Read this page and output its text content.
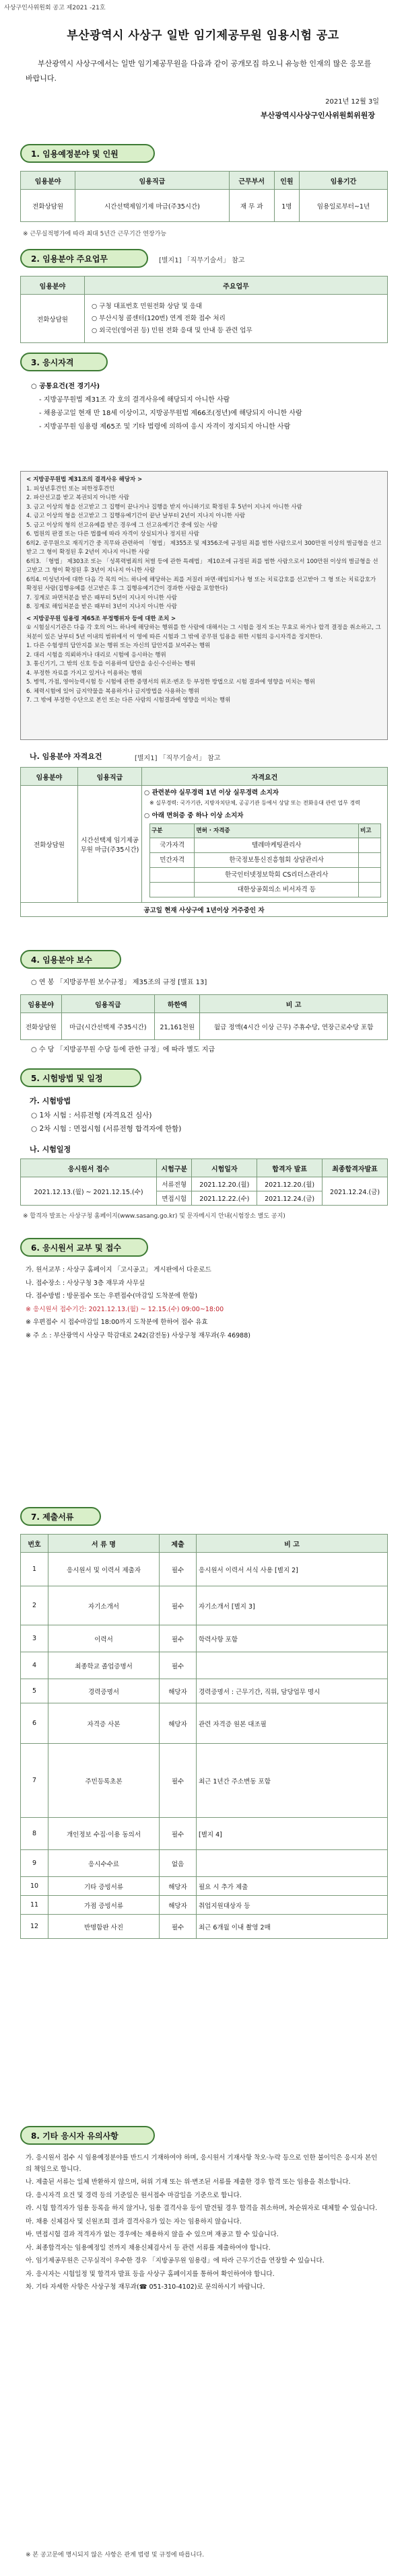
사상구인사위원회 공고 제2021 -21호
부산광역시 사상구 일반 임기제공무원 임용시험 공고
부산광역시 사상구에서는 일반 임기제공무원을 다음과 같이 공개모집 하오니 유능한 인재의 많은 응모를 바랍니다.
2021년 12월 3일
부산광역시사상구인사위원회위원장
1. 임용예정분야 및 인원
임용분야	임용직급	근무부서	인원	임용기간
전화상담원	시간선택제임기제 마급(주35시간)	재 무 과	1명	임용일로부터~1년
※ 근무실적평가에 따라 최대 5년간 근무기간 연장가능
2. 임용분야 주요업무	[별지1] 「직무기술서」 참고
임용분야	주요업무
전화상담원	○ 구청 대표번호 민원전화 상담 및 응대
○ 부산시청 콜센터(120번) 연계 전화 접수 처리
○ 외국인(영어권 등) 민원 전화 응대 및 안내 등 관련 업무
3. 응시자격
○ 공통요건(전 경기사)
- 지방공무원법 제31조 각 호의 결격사유에 해당되지 아니한 사람
- 채용공고일 현재 만 18세 이상이고, 지방공무원법 제66조(정년)에 해당되지 아니한 사람
- 지방공무원 임용령 제65조 및 기타 법령에 의하여 응시 자격이 정지되지 아니한 사람
< 지방공무원법 제31조의 결격사유 해당자 >
1. 피성년후견인 또는 피한정후견인
2. 파산선고를 받고 복권되지 아니한 사람
3. 금고 이상의 형을 선고받고 그 집행이 끝나거나 집행을 받지 아니하기로 확정된 후 5년이 지나지 아니한 사람
4. 금고 이상의 형을 선고받고 그 집행유예기간이 끝난 날부터 2년이 지나지 아니한 사람
5. 금고 이상의 형의 선고유예를 받은 경우에 그 선고유예기간 중에 있는 사람
6. 법원의 판결 또는 다른 법률에 따라 자격이 상실되거나 정지된 사람
6의2. 공무원으로 재직기간 중 직무와 관련하여 「형법」 제355조 및 제356조에 규정된 죄를 범한 사람으로서 300만원 이상의 벌금형을 선고받고 그 형이 확정된 후 2년이 지나지 아니한 사람
6의3. 「형법」 제303조 또는 「성폭력범죄의 처벌 등에 관한 특례법」 제10조에 규정된 죄를 범한 사람으로서 100만원 이상의 벌금형을 선고받고 그 형이 확정된 후 3년이 지나지 아니한 사람
6의4. 미성년자에 대한 다음 각 목의 어느 하나에 해당하는 죄를 저질러 파면·해임되거나 형 또는 치료감호를 선고받아 그 형 또는 치료감호가 확정된 사람(집행유예를 선고받은 후 그 집행유예기간이 경과한 사람을 포함한다)
7. 징계로 파면처분을 받은 때부터 5년이 지나지 아니한 사람
8. 징계로 해임처분을 받은 때부터 3년이 지나지 아니한 사람
< 지방공무원 임용령 제65조 부정행위자 등에 대한 조치 >
① 시험실시기관은 다음 각 호의 어느 하나에 해당하는 행위를 한 사람에 대해서는 그 시험을 정지 또는 무효로 하거나 합격 결정을 취소하고, 그 처분이 있은 날부터 5년 이내의 범위에서 이 영에 따른 시험과 그 밖에 공무원 임용을 위한 시험의 응시자격을 정지한다.
1. 다른 수험생의 답안지를 보는 행위 또는 자신의 답안지를 보여주는 행위
2. 대리 시험을 의뢰하거나 대리로 시험에 응시하는 행위
3. 통신기기, 그 밖의 신호 등을 이용하여 답안을 송신·수신하는 행위
4. 부정한 자료를 가지고 있거나 이용하는 행위
5. 병역, 가점, 영어능력시험 등 시험에 관한 증명서의 위조·변조 등 부정한 방법으로 시험 결과에 영향을 미치는 행위
6. 체력시험에 있어 금지약물을 복용하거나 금지방법을 사용하는 행위
7. 그 밖에 부정한 수단으로 본인 또는 다른 사람의 시험결과에 영향을 미치는 행위
나. 임용분야 자격요건	[별지1] 「직무기술서」 참고
임용분야	임용직급	자격요건
전화상담원	시간선택제 임기제공무원 마급(주35시간)	
○ 관련분야 실무경력 1년 이상 실무경력 소지자
※ 실무경력: 국가기관, 지방자치단체, 공공기관 등에서 상담 또는 전화응대 관련 업무 경력
○ 아래 면허증 중 하나 이상 소지자
구분	면허 · 자격증	비고
국가자격	텔레마케팅관리사	
민간자격	한국정보통신진흥협회 상담관리사	
	한국인터넷정보학회 CS리더스관리사	
	대한상공회의소 비서자격 등	

공고일 현재 사상구에 1년이상 거주중인 자
4. 임용분야 보수
○ 연 봉 「지방공무원 보수규정」 제35조의 규정 [별표 13]
임용분야	임용직급	하한액	비 고
전화상담원	마급(시간선택제 주35시간)	21,161천원	월급 정액(4시간 이상 근무) 주휴수당, 연장근로수당 포함
○ 수 당 「지방공무원 수당 등에 관한 규정」에 따라 별도 지급
5. 시험방법 및 일정
가. 시험방법
○ 1차 시험 : 서류전형 (자격요건 심사)
○ 2차 시험 : 면접시험 (서류전형 합격자에 한함)
나. 시험일정
응시원서 접수	시험구분	시험일자	합격자 발표	최종합격자발표
2021.12.13.(월) ~ 2021.12.15.(수)	서류전형	2021.12.20.(월)	2021.12.20.(월)	2021.12.24.(금)
	면접시험	2021.12.22.(수)	2021.12.24.(금)	
※ 합격자 발표는 사상구청 홈페이지(www.sasang.go.kr) 및 문자메시지 안내(시험장소 별도 공지)
6. 응시원서 교부 및 접수
가. 원서교부 : 사상구 홈페이지 「고시공고」 게시판에서 다운로드
나. 접수장소 : 사상구청 3층 재무과 사무실
다. 접수방법 : 방문접수 또는 우편접수(마감일 도착분에 한함)
※ 응시원서 접수기간: 2021.12.13.(월) ~ 12.15.(수) 09:00~18:00
※ 우편접수 시 접수마감일 18:00까지 도착분에 한하여 접수 유효
※ 주 소 : 부산광역시 사상구 학감대로 242(감전동) 사상구청 재무과(우 46988)
7. 제출서류
번호	서 류 명	제출	비 고
1	응시원서 및 이력서 제출자	필수	응시원서 이력서 서식 사용 [별지 2]
2	자기소개서	필수	자기소개서 [별지 3]
3	이력서	필수	학력사항 포함
4	최종학교 졸업증명서	필수	
5	경력증명서	해당자	경력증명서 : 근무기간, 직위, 담당업무 명시
6	자격증 사본	해당자	관련 자격증 원본 대조필
7	주민등록초본	필수	최근 1년간 주소변동 포함
8	개인정보 수집·이용 동의서	필수	[별지 4]
9	응시수수료	없음	
10	기타 증빙서류	해당자	필요 시 추가 제출
11	가점 증빙서류	해당자	취업지원대상자 등
12	반명함판 사진	필수	최근 6개월 이내 촬영 2매
8. 기타 응시자 유의사항
가. 응시원서 접수 시 임용예정분야를 반드시 기재하여야 하며, 응시원서 기재사항 착오·누락 등으로 인한 불이익은 응시자 본인의 책임으로 합니다.
나. 제출된 서류는 일체 반환하지 않으며, 허위 기재 또는 위·변조된 서류를 제출한 경우 합격 또는 임용을 취소합니다.
다. 응시자격 요건 및 경력 등의 기준일은 원서접수 마감일을 기준으로 합니다.
라. 시험 합격자가 임용 등록을 하지 않거나, 임용 결격사유 등이 발견될 경우 합격을 취소하며, 차순위자로 대체할 수 있습니다.
마. 채용 신체검사 및 신원조회 결과 결격사유가 있는 자는 임용하지 않습니다.
바. 면접시험 결과 적격자가 없는 경우에는 채용하지 않을 수 있으며 재공고 할 수 있습니다.
사. 최종합격자는 임용예정일 전까지 채용신체검사서 등 관련 서류를 제출하여야 합니다.
아. 임기제공무원은 근무실적이 우수한 경우 「지방공무원 임용령」에 따라 근무기간을 연장할 수 있습니다.
자. 응시자는 시험일정 및 합격자 발표 등을 사상구 홈페이지를 통하여 확인하여야 합니다.
차. 기타 자세한 사항은 사상구청 재무과(☎ 051-310-4102)로 문의하시기 바랍니다.
※ 본 공고문에 명시되지 않은 사항은 관계 법령 및 규정에 따릅니다.
